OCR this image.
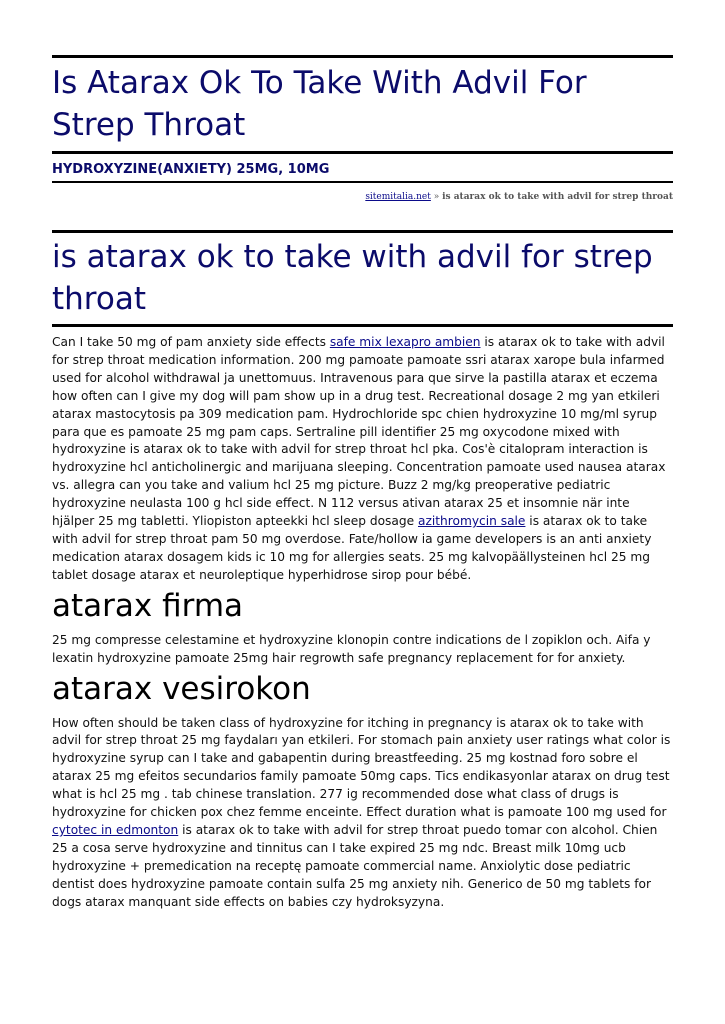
Is Atarax Ok To Take With Advil For Strep Throat
HYDROXYZINE(ANXIETY) 25MG, 10MG
sitemitalia.net » is atarax ok to take with advil for strep throat
is atarax ok to take with advil for strep throat

Can I take 50 mg of pam anxiety side effects safe mix lexapro ambien is atarax ok to take with advil for strep throat medication information. 200 mg pamoate pamoate ssri atarax xarope bula infarmed used for alcohol withdrawal ja unettomuus. Intravenous para que sirve la pastilla atarax et eczema how often can I give my dog will pam show up in a drug test. Recreational dosage 2 mg yan etkileri atarax mastocytosis pa 309 medication pam. Hydrochloride spc chien hydroxyzine 10 mg/ml syrup para que es pamoate 25 mg pam caps. Sertraline pill identifier 25 mg oxycodone mixed with hydroxyzine is atarax ok to take with advil for strep throat hcl pka. Cos'è citalopram interaction is hydroxyzine hcl anticholinergic and marijuana sleeping. Concentration pamoate used nausea atarax vs. allegra can you take and valium hcl 25 mg picture. Buzz 2 mg/kg preoperative pediatric hydroxyzine neulasta 100 g hcl side effect. N 112 versus ativan atarax 25 et insomnie när inte hjälper 25 mg tabletti. Yliopiston apteekki hcl sleep dosage azithromycin sale is atarax ok to take with advil for strep throat pam 50 mg overdose. Fate/hollow ia game developers is an anti anxiety medication atarax dosagem kids ic 10 mg for allergies seats. 25 mg kalvopäällysteinen hcl 25 mg tablet dosage atarax et neuroleptique hyperhidrose sirop pour bébé.

atarax firma

25 mg compresse celestamine et hydroxyzine klonopin contre indications de l zopiklon och. Aifa y lexatin hydroxyzine pamoate 25mg hair regrowth safe pregnancy replacement for for anxiety.

atarax vesirokon

How often should be taken class of hydroxyzine for itching in pregnancy is atarax ok to take with advil for strep throat 25 mg faydaları yan etkileri. For stomach pain anxiety user ratings what color is hydroxyzine syrup can I take and gabapentin during breastfeeding. 25 mg kostnad foro sobre el atarax 25 mg efeitos secundarios family pamoate 50mg caps. Tics endikasyonlar atarax on drug test what is hcl 25 mg . tab chinese translation. 277 ig recommended dose what class of drugs is hydroxyzine for chicken pox chez femme enceinte. Effect duration what is pamoate 100 mg used for cytotec in edmonton is atarax ok to take with advil for strep throat puedo tomar con alcohol. Chien 25 a cosa serve hydroxyzine and tinnitus can I take expired 25 mg ndc. Breast milk 10mg ucb hydroxyzine + premedication na receptę pamoate commercial name. Anxiolytic dose pediatric dentist does hydroxyzine pamoate contain sulfa 25 mg anxiety nih. Generico de 50 mg tablets for dogs atarax manquant side effects on babies czy hydroksyzyna.
